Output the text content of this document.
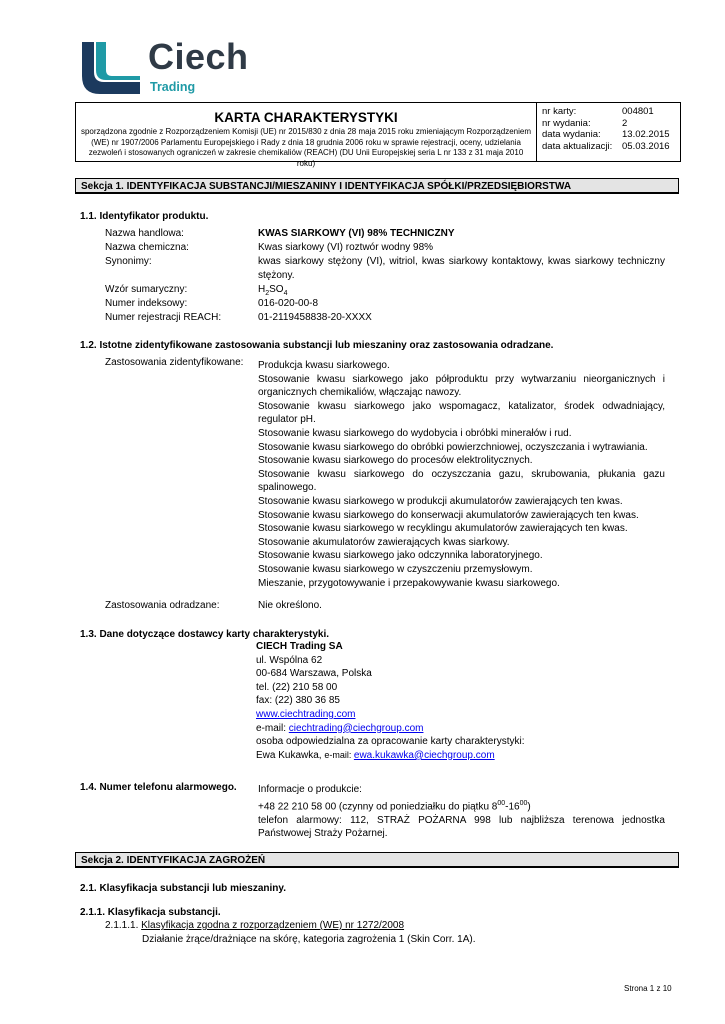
Ciech
Trading
KARTA CHARAKTERYSTYKI
sporządzona zgodnie z Rozporządzeniem Komisji (UE) nr 2015/830 z dnia 28 maja 2015 roku zmieniającym Rozporządzeniem (WE) nr 1907/2006 Parlamentu Europejskiego i Rady z dnia 18 grudnia 2006 roku w sprawie rejestracji, oceny, udzielania zezwoleń i stosowanych ograniczeń w zakresie chemikaliów (REACH) (DU Unii Europejskiej seria L nr 133 z 31 maja 2010 roku)
nr karty:	004801
nr wydania:	2
data wydania:	13.02.2015
data aktualizacji:	05.03.2016
Sekcja 1. IDENTYFIKACJA SUBSTANCJI/MIESZANINY I IDENTYFIKACJA SPÓŁKI/PRZEDSIĘBIORSTWA
1.1. Identyfikator produktu.
Nazwa handlowa:	KWAS SIARKOWY (VI) 98% TECHNICZNY
Nazwa chemiczna:	Kwas siarkowy (VI) roztwór wodny 98%
Synonimy:	kwas siarkowy stężony (VI), witriol, kwas siarkowy kontaktowy, kwas siarkowy techniczny stężony.
Wzór sumaryczny:	$H_2SO_4$
Numer indeksowy:	016-020-00-8
Numer rejestracji REACH:	01-2119458838-20-XXXX
1.2. Istotne zidentyfikowane zastosowania substancji lub mieszaniny oraz zastosowania odradzane.
Zastosowania zidentyfikowane: Produkcja kwasu siarkowego.
Stosowanie kwasu siarkowego jako półproduktu przy wytwarzaniu nieorganicznych i organicznych chemikaliów, włączając nawozy.
Stosowanie kwasu siarkowego jako wspomagacz, katalizator, środek odwadniający, regulator pH.
Stosowanie kwasu siarkowego do wydobycia i obróbki minerałów i rud.
Stosowanie kwasu siarkowego do obróbki powierzchniowej, oczyszczania i wytrawiania.
Stosowanie kwasu siarkowego do procesów elektrolitycznych.
Stosowanie kwasu siarkowego do oczyszczania gazu, skrubowania, płukania gazu spalinowego.
Stosowanie kwasu siarkowego w produkcji akumulatorów zawierających ten kwas.
Stosowanie kwasu siarkowego do konserwacji akumulatorów zawierających ten kwas.
Stosowanie kwasu siarkowego w recyklingu akumulatorów zawierających ten kwas.
Stosowanie akumulatorów zawierających kwas siarkowy.
Stosowanie kwasu siarkowego jako odczynnika laboratoryjnego.
Stosowanie kwasu siarkowego w czyszczeniu przemysłowym.
Mieszanie, przygotowywanie i przepakowywanie kwasu siarkowego.
Zastosowania odradzane:	Nie określono.
1.3. Dane dotyczące dostawcy karty charakterystyki.
CIECH Trading SA
ul. Wspólna 62
00-684 Warszawa, Polska
tel. (22) 210 58 00
fax: (22) 380 36 85
www.ciechtrading.com
e-mail: ciechtrading@ciechgroup.com
osoba odpowiedzialna za opracowanie karty charakterystyki:
Ewa Kukawka, e-mail: ewa.kukawka@ciechgroup.com
1.4. Numer telefonu alarmowego. Informacje o produkcie:
+48 22 210 58 00 (czynny od poniedziałku do piątku $8^{00}-16^{00}$)
telefon alarmowy: 112, STRAŻ POŻARNA 998 lub najbliższa terenowa jednostka Państwowej Straży Pożarnej.
Sekcja 2. IDENTYFIKACJA ZAGROŻEŃ
2.1. Klasyfikacja substancji lub mieszaniny.
2.1.1. Klasyfikacja substancji.
2.1.1.1. Klasyfikacja zgodna z rozporządzeniem (WE) nr 1272/2008
Działanie żrące/drażniące na skórę, kategoria zagrożenia 1 (Skin Corr. 1A).
Strona 1 z 10
